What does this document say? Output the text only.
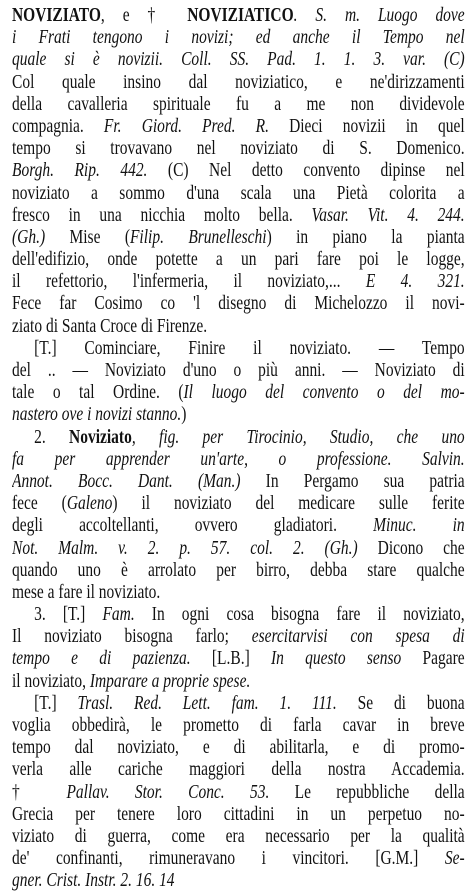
NOVIZIATO, e † NOVIZIATICO. S. m. Luogo dove
i Frati tengono i novizi; ed anche il Tempo nel
quale si è novizii. Coll. SS. Pad. 1. 1. 3. var. (C)
Col quale insino dal noviziatico, e ne'dirizzamenti
della cavalleria spirituale fu a me non dividevole
compagnia. Fr. Giord. Pred. R. Dieci novizii in quel
tempo si trovavano nel noviziato di S. Domenico.
Borgh. Rip. 442. (C) Nel detto convento dipinse nel
noviziato a sommo d'una scala una Pietà colorita a
fresco in una nicchia molto bella. Vasar. Vit. 4. 244.
(Gh.) Mise (Filip. Brunelleschi) in piano la pianta
dell'edifizio, onde potette a un pari fare poi le logge,
il refettorio, l'infermeria, il noviziato,... E 4. 321.
Fece far Cosimo co 'l disegno di Michelozzo il novi-
ziato di Santa Croce di Firenze.
[T.] Cominciare, Finire il noviziato. — Tempo
del .. — Noviziato d'uno o più anni. — Noviziato di
tale o tal Ordine. (Il luogo del convento o del mo-
nastero ove i novizi stanno.)
2. Noviziato, fig. per Tirocinio, Studio, che uno
fa per apprender un'arte, o professione. Salvin.
Annot. Bocc. Dant. (Man.) In Pergamo sua patria
fece (Galeno) il noviziato del medicare sulle ferite
degli accoltellanti, ovvero gladiatori. Minuc. in
Not. Malm. v. 2. p. 57. col. 2. (Gh.) Dicono che
quando uno è arrolato per birro, debba stare qualche
mese a fare il noviziato.
3. [T.] Fam. In ogni cosa bisogna fare il noviziato,
Il noviziato bisogna farlo; esercitarvisi con spesa di
tempo e di pazienza. [L.B.] In questo senso Pagare
il noviziato, Imparare a proprie spese.
[T.] Trasl. Red. Lett. fam. 1. 111. Se di buona
voglia obbedirà, le prometto di farla cavar in breve
tempo dal noviziato, e di abilitarla, e di promo-
verla alle cariche maggiori della nostra Accademia.
† Pallav. Stor. Conc. 53. Le repubbliche della
Grecia per tenere loro cittadini in un perpetuo no-
viziato di guerra, come era necessario per la qualità
de' confinanti, rimuneravano i vincitori. [G.M.] Se-
gner. Crist. Instr. 2. 16. 14
